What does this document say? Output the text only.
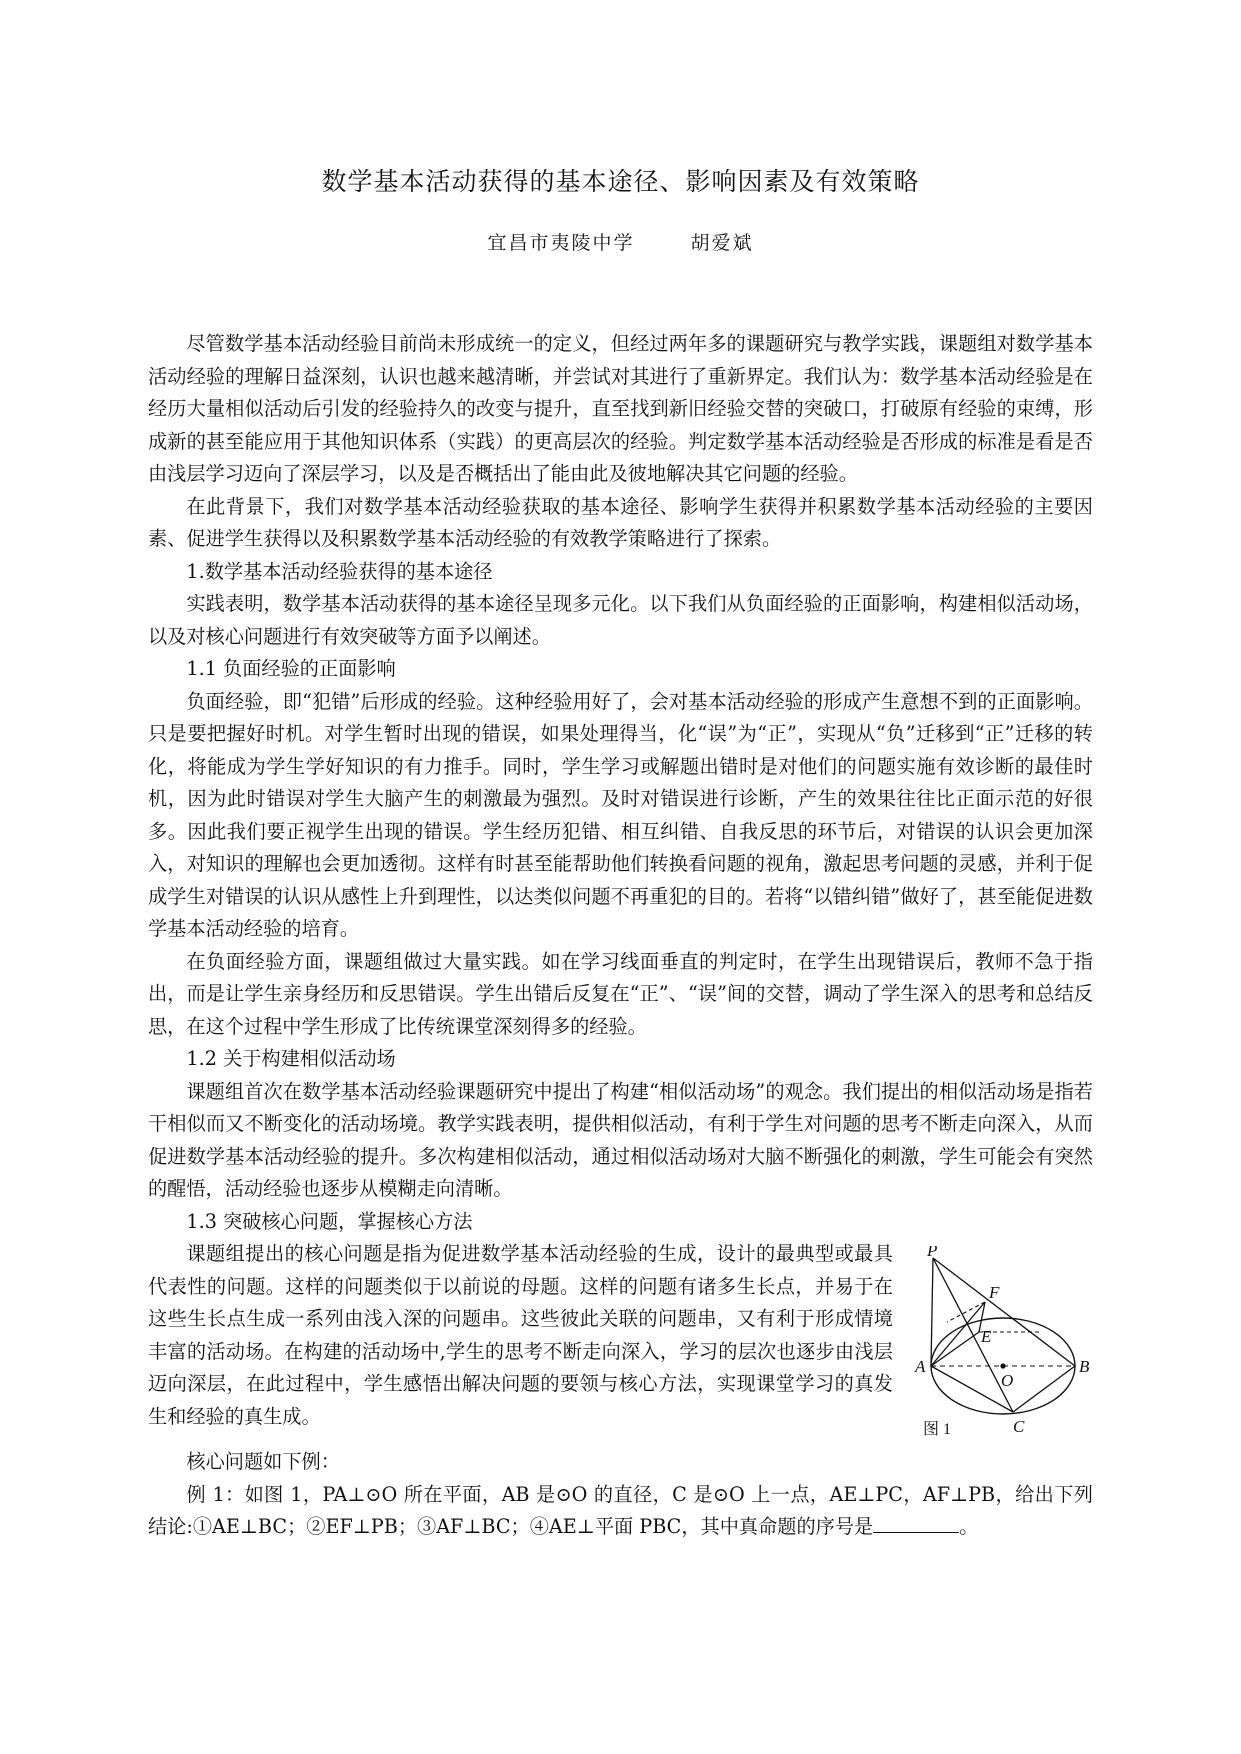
数学基本活动获得的基本途径、影响因素及有效策略
宜昌市夷陵中学	胡爱斌

尽管数学基本活动经验目前尚未形成统一的定义，但经过两年多的课题研究与教学实践，课题组对数学基本活动经验的理解日益深刻，认识也越来越清晰，并尝试对其进行了重新界定。我们认为：数学基本活动经验是在经历大量相似活动后引发的经验持久的改变与提升，直至找到新旧经验交替的突破口，打破原有经验的束缚，形成新的甚至能应用于其他知识体系（实践）的更高层次的经验。判定数学基本活动经验是否形成的标准是看是否由浅层学习迈向了深层学习，以及是否概括出了能由此及彼地解决其它问题的经验。

在此背景下，我们对数学基本活动经验获取的基本途径、影响学生获得并积累数学基本活动经验的主要因素、促进学生获得以及积累数学基本活动经验的有效教学策略进行了探索。

1.数学基本活动经验获得的基本途径

实践表明，数学基本活动获得的基本途径呈现多元化。以下我们从负面经验的正面影响，构建相似活动场，以及对核心问题进行有效突破等方面予以阐述。

1.1 负面经验的正面影响

负面经验，即“犯错”后形成的经验。这种经验用好了，会对基本活动经验的形成产生意想不到的正面影响。只是要把握好时机。对学生暂时出现的错误，如果处理得当，化“误”为“正”，实现从“负”迁移到“正”迁移的转化，将能成为学生学好知识的有力推手。同时，学生学习或解题出错时是对他们的问题实施有效诊断的最佳时机，因为此时错误对学生大脑产生的刺激最为强烈。及时对错误进行诊断，产生的效果往往比正面示范的好很多。因此我们要正视学生出现的错误。学生经历犯错、相互纠错、自我反思的环节后，对错误的认识会更加深入，对知识的理解也会更加透彻。这样有时甚至能帮助他们转换看问题的视角，激起思考问题的灵感，并利于促成学生对错误的认识从感性上升到理性，以达类似问题不再重犯的目的。若将“以错纠错”做好了，甚至能促进数学基本活动经验的培育。

在负面经验方面，课题组做过大量实践。如在学习线面垂直的判定时，在学生出现错误后，教师不急于指出，而是让学生亲身经历和反思错误。学生出错后反复在“正”、“误”间的交替，调动了学生深入的思考和总结反思，在这个过程中学生形成了比传统课堂深刻得多的经验。

1.2 关于构建相似活动场

课题组首次在数学基本活动经验课题研究中提出了构建“相似活动场”的观念。我们提出的相似活动场是指若干相似而又不断变化的活动场境。教学实践表明，提供相似活动，有利于学生对问题的思考不断走向深入，从而促进数学基本活动经验的提升。多次构建相似活动，通过相似活动场对大脑不断强化的刺激，学生可能会有突然的醒悟，活动经验也逐步从模糊走向清晰。

1.3 突破核心问题，掌握核心方法

课题组提出的核心问题是指为促进数学基本活动经验的生成，设计的最典型或最具代表性的问题。这样的问题类似于以前说的母题。这样的问题有诸多生长点，并易于在这些生长点生成一系列由浅入深的问题串。这些彼此关联的问题串，又有利于形成情境丰富的活动场。在构建的活动场中,学生的思考不断走向深入，学习的层次也逐步由浅层迈向深层，在此过程中，学生感悟出解决问题的要领与核心方法，实现课堂学习的真发生和经验的真生成。

P
F
E
A
O
B
C
图 1

核心问题如下例：

例 1：如图 1，PA⊥⊙O 所在平面，AB 是⊙O 的直径，C 是⊙O 上一点，AE⊥PC，AF⊥PB，给出下列结论:①AE⊥BC；②EF⊥PB；③AF⊥BC；④AE⊥平面 PBC，其中真命题的序号是	。
